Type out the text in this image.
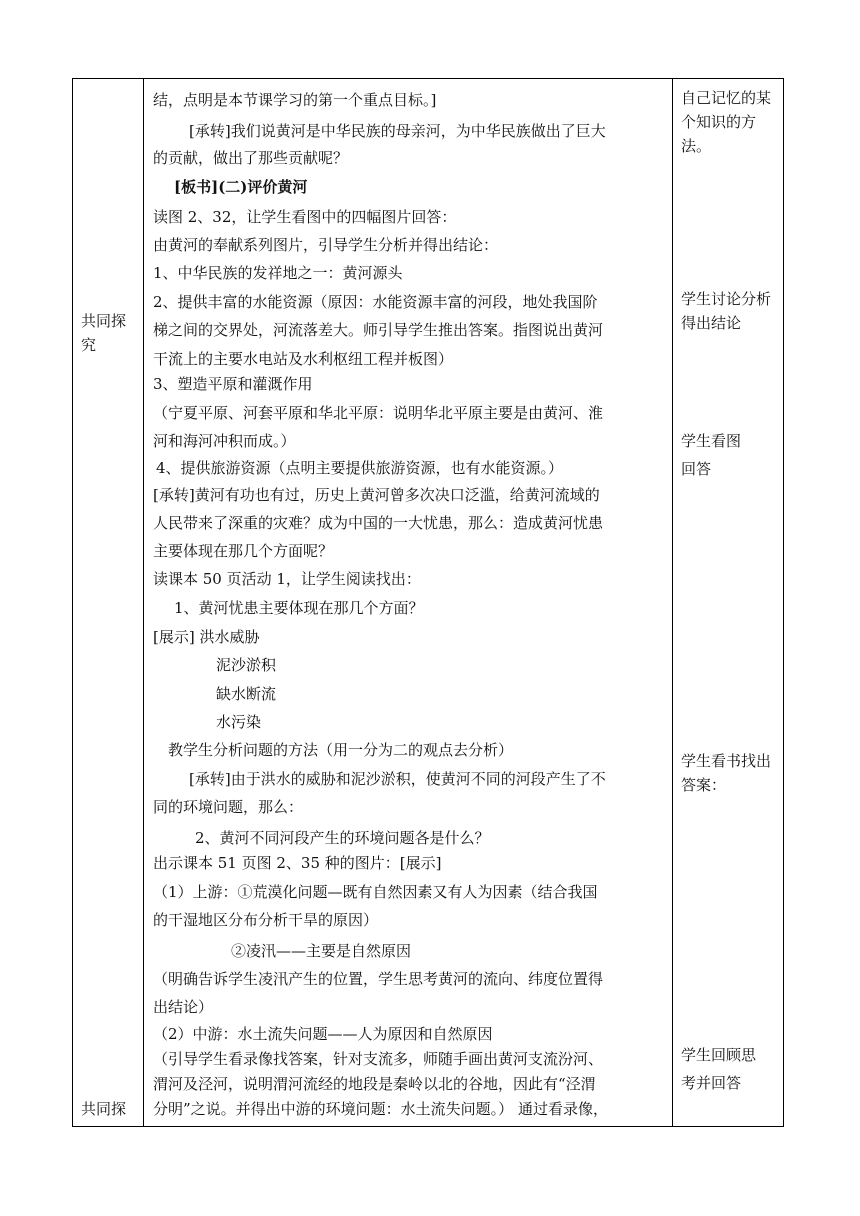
共同探究
共同探
结，点明是本节课学习的第一个重点目标。]
[承转]我们说黄河是中华民族的母亲河，为中华民族做出了巨大
的贡献，做出了那些贡献呢？
[板书](二)评价黄河
读图 2、32，让学生看图中的四幅图片回答：
由黄河的奉献系列图片，引导学生分析并得出结论：
1、中华民族的发祥地之一：黄河源头
2、提供丰富的水能资源（原因：水能资源丰富的河段，地处我国阶
梯之间的交界处，河流落差大。师引导学生推出答案。指图说出黄河
干流上的主要水电站及水利枢纽工程并板图）
3、塑造平原和灌溉作用
（宁夏平原、河套平原和华北平原：说明华北平原主要是由黄河、淮
河和海河冲积而成。）
4、提供旅游资源（点明主要提供旅游资源，也有水能资源。）
[承转]黄河有功也有过，历史上黄河曾多次决口泛滥，给黄河流域的
人民带来了深重的灾难？成为中国的一大忧患，那么：造成黄河忧患
主要体现在那几个方面呢？
读课本 50 页活动 1，让学生阅读找出：
1、黄河忧患主要体现在那几个方面？
[展示] 洪水威胁
泥沙淤积
缺水断流
水污染
教学生分析问题的方法（用一分为二的观点去分析）
[承转]由于洪水的威胁和泥沙淤积，使黄河不同的河段产生了不
同的环境问题，那么：
2、黄河不同河段产生的环境问题各是什么？
出示课本 51 页图 2、35 种的图片：[展示]
（1）上游：①荒漠化问题—既有自然因素又有人为因素（结合我国
的干湿地区分布分析干旱的原因）
②凌汛——主要是自然原因
（明确告诉学生凌汛产生的位置，学生思考黄河的流向、纬度位置得
出结论）
（2）中游：水土流失问题——人为原因和自然原因
（引导学生看录像找答案，针对支流多，师随手画出黄河支流汾河、
渭河及泾河，说明渭河流经的地段是秦岭以北的谷地，因此有“泾渭
分明”之说。并得出中游的环境问题：水土流失问题。） 通过看录像，
自己记忆的某个知识的方法。
学生讨论分析得出结论
学生看图
回答
学生看书找出答案：
学生回顾思
考并回答
